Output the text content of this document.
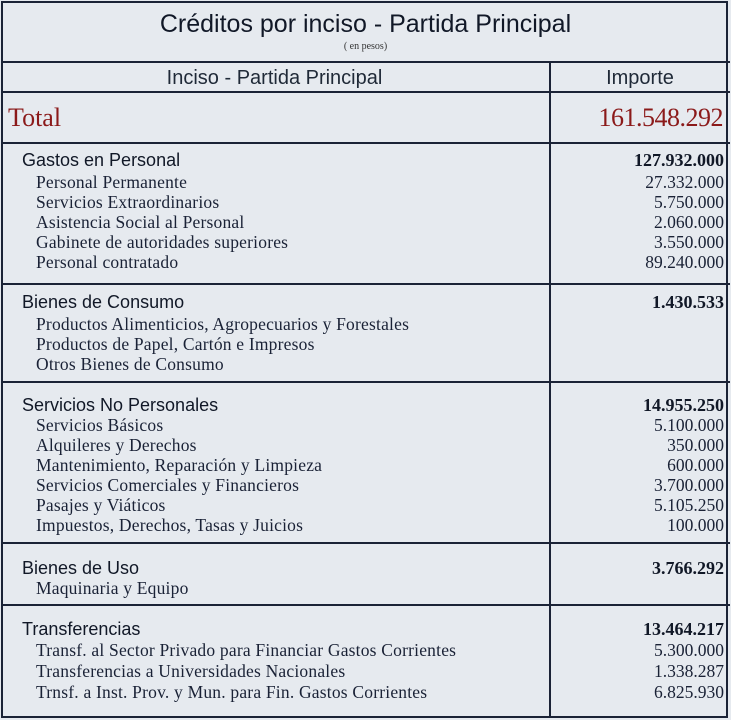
Créditos por inciso - Partida Principal
( en pesos)
Inciso - Partida Principal	Importe
Total	161.548.292
Gastos en Personal	127.932.000
Personal Permanente	27.332.000
Servicios Extraordinarios	5.750.000
Asistencia Social al Personal	2.060.000
Gabinete de autoridades superiores	3.550.000
Personal contratado	89.240.000
Bienes de Consumo	1.430.533
Productos Alimenticios, Agropecuarios y Forestales
Productos de Papel, Cartón e Impresos
Otros Bienes de Consumo
Servicios No Personales	14.955.250
Servicios Básicos	5.100.000
Alquileres y Derechos	350.000
Mantenimiento, Reparación y Limpieza	600.000
Servicios Comerciales y Financieros	3.700.000
Pasajes y Viáticos	5.105.250
Impuestos, Derechos, Tasas y Juicios	100.000
Bienes de Uso	3.766.292
Maquinaria y Equipo
Transferencias	13.464.217
Transf. al Sector Privado para Financiar Gastos Corrientes	5.300.000
Transferencias a Universidades Nacionales	1.338.287
Trnsf. a Inst. Prov. y Mun. para Fin. Gastos Corrientes	6.825.930
